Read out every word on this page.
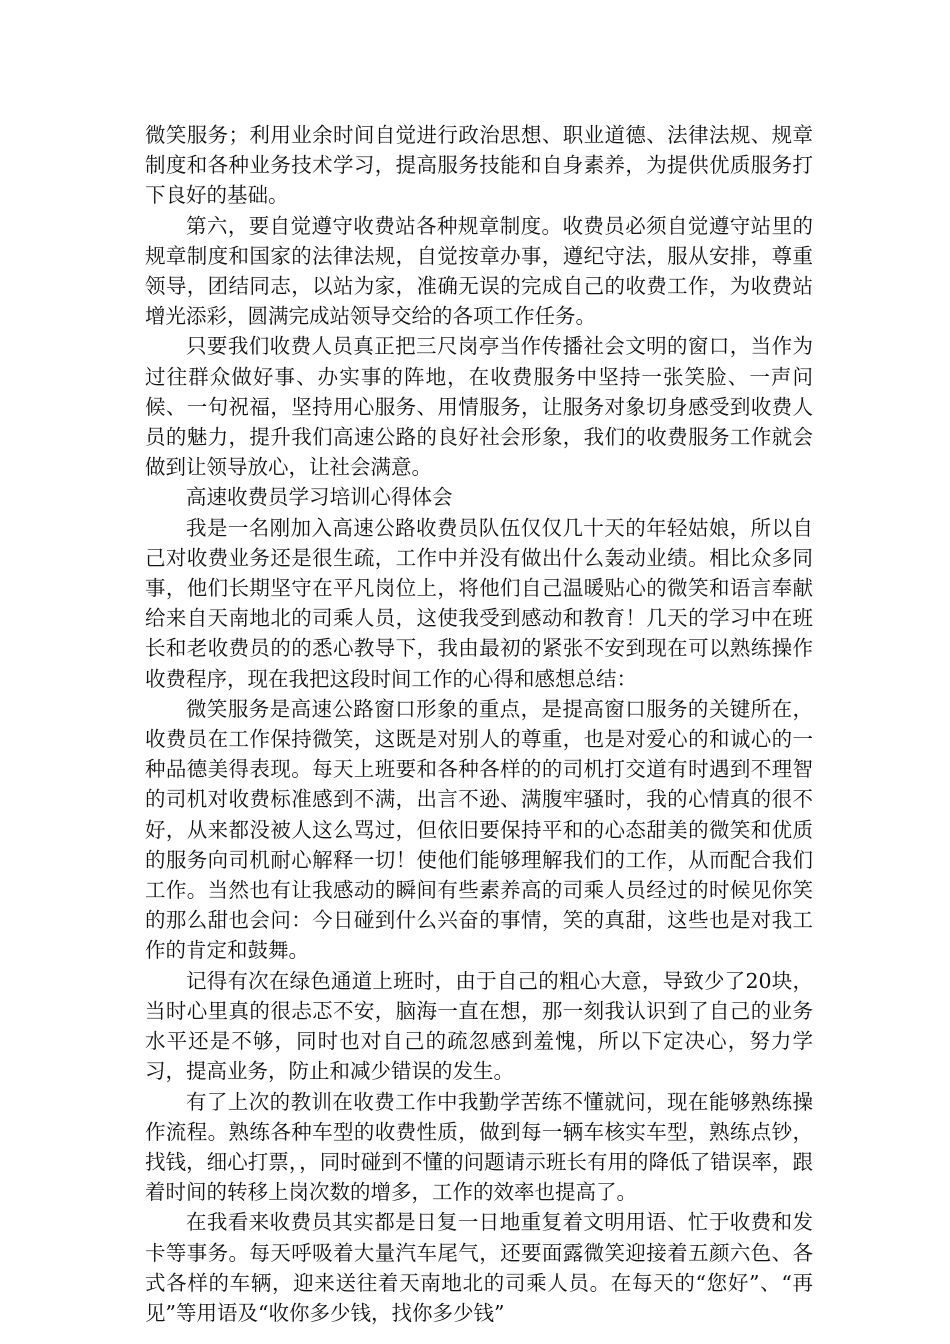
微笑服务；利用业余时间自觉进行政治思想、职业道德、法律法规、规章制度和各种业务技术学习，提高服务技能和自身素养，为提供优质服务打下良好的基础。

第六，要自觉遵守收费站各种规章制度。收费员必须自觉遵守站里的规章制度和国家的法律法规，自觉按章办事，遵纪守法，服从安排，尊重领导，团结同志，以站为家，准确无误的完成自己的收费工作，为收费站增光添彩，圆满完成站领导交给的各项工作任务。

只要我们收费人员真正把三尺岗亭当作传播社会文明的窗口，当作为过往群众做好事、办实事的阵地，在收费服务中坚持一张笑脸、一声问候、一句祝福，坚持用心服务、用情服务，让服务对象切身感受到收费人员的魅力，提升我们高速公路的良好社会形象，我们的收费服务工作就会做到让领导放心，让社会满意。

高速收费员学习培训心得体会

我是一名刚加入高速公路收费员队伍仅仅几十天的年轻姑娘，所以自己对收费业务还是很生疏，工作中并没有做出什么轰动业绩。相比众多同事，他们长期坚守在平凡岗位上，将他们自己温暖贴心的微笑和语言奉献给来自天南地北的司乘人员，这使我受到感动和教育！几天的学习中在班长和老收费员的的悉心教导下，我由最初的紧张不安到现在可以熟练操作收费程序，现在我把这段时间工作的心得和感想总结：

微笑服务是高速公路窗口形象的重点，是提高窗口服务的关键所在，收费员在工作保持微笑，这既是对别人的尊重，也是对爱心的和诚心的一种品德美得表现。每天上班要和各种各样的的司机打交道有时遇到不理智的司机对收费标准感到不满，出言不逊、满腹牢骚时，我的心情真的很不好，从来都没被人这么骂过，但依旧要保持平和的心态甜美的微笑和优质的服务向司机耐心解释一切！使他们能够理解我们的工作，从而配合我们工作。当然也有让我感动的瞬间有些素养高的司乘人员经过的时候见你笑的那么甜也会问：今日碰到什么兴奋的事情，笑的真甜，这些也是对我工作的肯定和鼓舞。

记得有次在绿色通道上班时，由于自己的粗心大意，导致少了20块，当时心里真的很忐忑不安，脑海一直在想，那一刻我认识到了自己的业务水平还是不够，同时也对自己的疏忽感到羞愧，所以下定决心，努力学习，提高业务，防止和减少错误的发生。

有了上次的教训在收费工作中我勤学苦练不懂就问，现在能够熟练操作流程。熟练各种车型的收费性质，做到每一辆车核实车型，熟练点钞，找钱，细心打票，，同时碰到不懂的问题请示班长有用的降低了错误率，跟着时间的转移上岗次数的增多，工作的效率也提高了。

在我看来收费员其实都是日复一日地重复着文明用语、忙于收费和发卡等事务。每天呼吸着大量汽车尾气，还要面露微笑迎接着五颜六色、各式各样的车辆，迎来送往着天南地北的司乘人员。在每天的“您好”、“再见”等用语及“收你多少钱，找你多少钱”
